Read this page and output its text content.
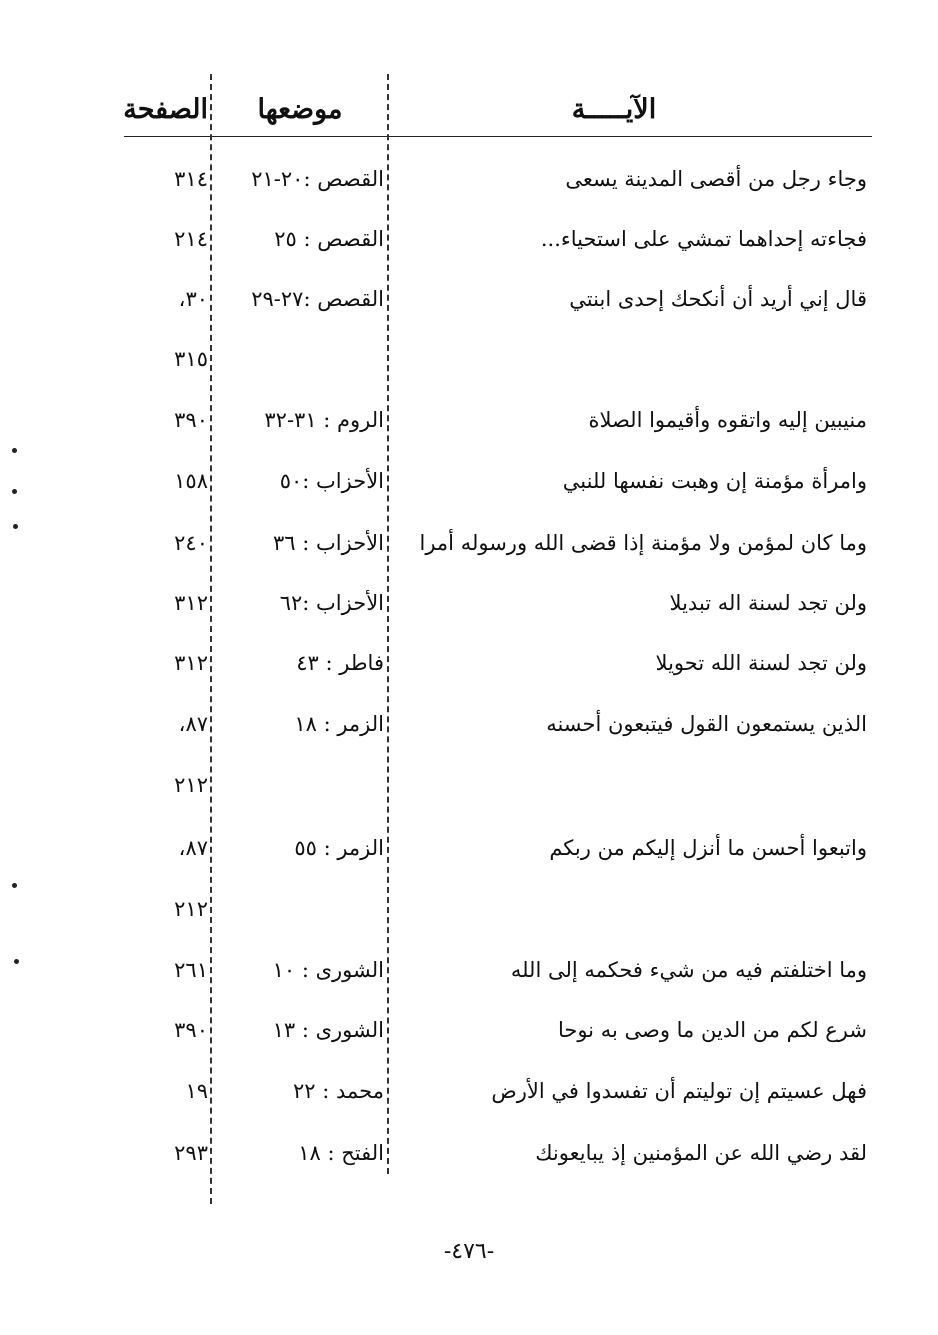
الآيـــــة
موضعها
الصفحة
وجاء رجل من أقصى المدينة يسعى
القصص :٢٠-٢١
٣١٤
فجاءته إحداهما تمشي على استحياء...
القصص : ٢٥
٢١٤
قال إني أريد أن أنكحك إحدى ابنتي
القصص :٢٧-٢٩
٣٠،
٣١٥
منيبين إليه واتقوه وأقيموا الصلاة
الروم : ٣١-٣٢
٣٩٠
وامرأة مؤمنة إن وهبت نفسها للنبي
الأحزاب :٥٠
١٥٨
وما كان لمؤمن ولا مؤمنة إذا قضى الله ورسوله أمرا
الأحزاب : ٣٦
٢٤٠
ولن تجد لسنة اله تبديلا
الأحزاب :٦٢
٣١٢
ولن تجد لسنة الله تحويلا
فاطر : ٤٣
٣١٢
الذين يستمعون القول فيتبعون أحسنه
الزمر : ١٨
٨٧،
٢١٢
واتبعوا أحسن ما أنزل إليكم من ربكم
الزمر : ٥٥
٨٧،
٢١٢
وما اختلفتم فيه من شيء فحكمه إلى الله
الشورى : ١٠
٢٦١
شرع لكم من الدين ما وصى به نوحا
الشورى : ١٣
٣٩٠
فهل عسيتم إن توليتم أن تفسدوا في الأرض
محمد : ٢٢
١٩
لقد رضي الله عن المؤمنين إذ يبايعونك
الفتح : ١٨
٢٩٣
-٤٧٦-
